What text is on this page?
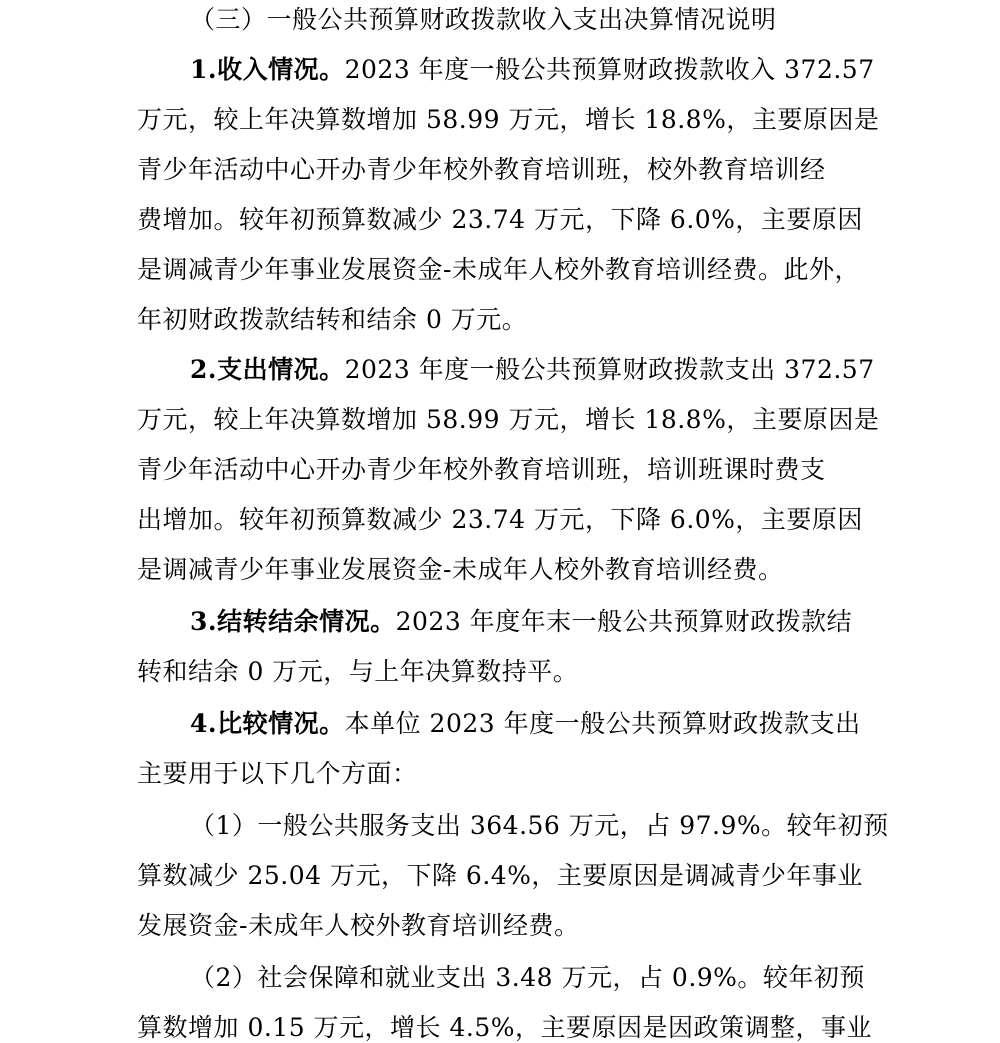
（三）一般公共预算财政拨款收入支出决算情况说明
1.收入情况。2023 年度一般公共预算财政拨款收入 372.57
万元，较上年决算数增加 58.99 万元，增长 18.8%，主要原因是
青少年活动中心开办青少年校外教育培训班，校外教育培训经
费增加。较年初预算数减少 23.74 万元，下降 6.0%，主要原因
是调减青少年事业发展资金-未成年人校外教育培训经费。此外，
年初财政拨款结转和结余 0 万元。
2.支出情况。2023 年度一般公共预算财政拨款支出 372.57
万元，较上年决算数增加 58.99 万元，增长 18.8%，主要原因是
青少年活动中心开办青少年校外教育培训班，培训班课时费支
出增加。较年初预算数减少 23.74 万元，下降 6.0%，主要原因
是调减青少年事业发展资金-未成年人校外教育培训经费。
3.结转结余情况。2023 年度年末一般公共预算财政拨款结
转和结余 0 万元，与上年决算数持平。
4.比较情况。本单位 2023 年度一般公共预算财政拨款支出
主要用于以下几个方面：
（1）一般公共服务支出 364.56 万元，占 97.9%。较年初预
算数减少 25.04 万元，下降 6.4%，主要原因是调减青少年事业
发展资金-未成年人校外教育培训经费。
（2）社会保障和就业支出 3.48 万元，占 0.9%。较年初预
算数增加 0.15 万元，增长 4.5%，主要原因是因政策调整，事业
